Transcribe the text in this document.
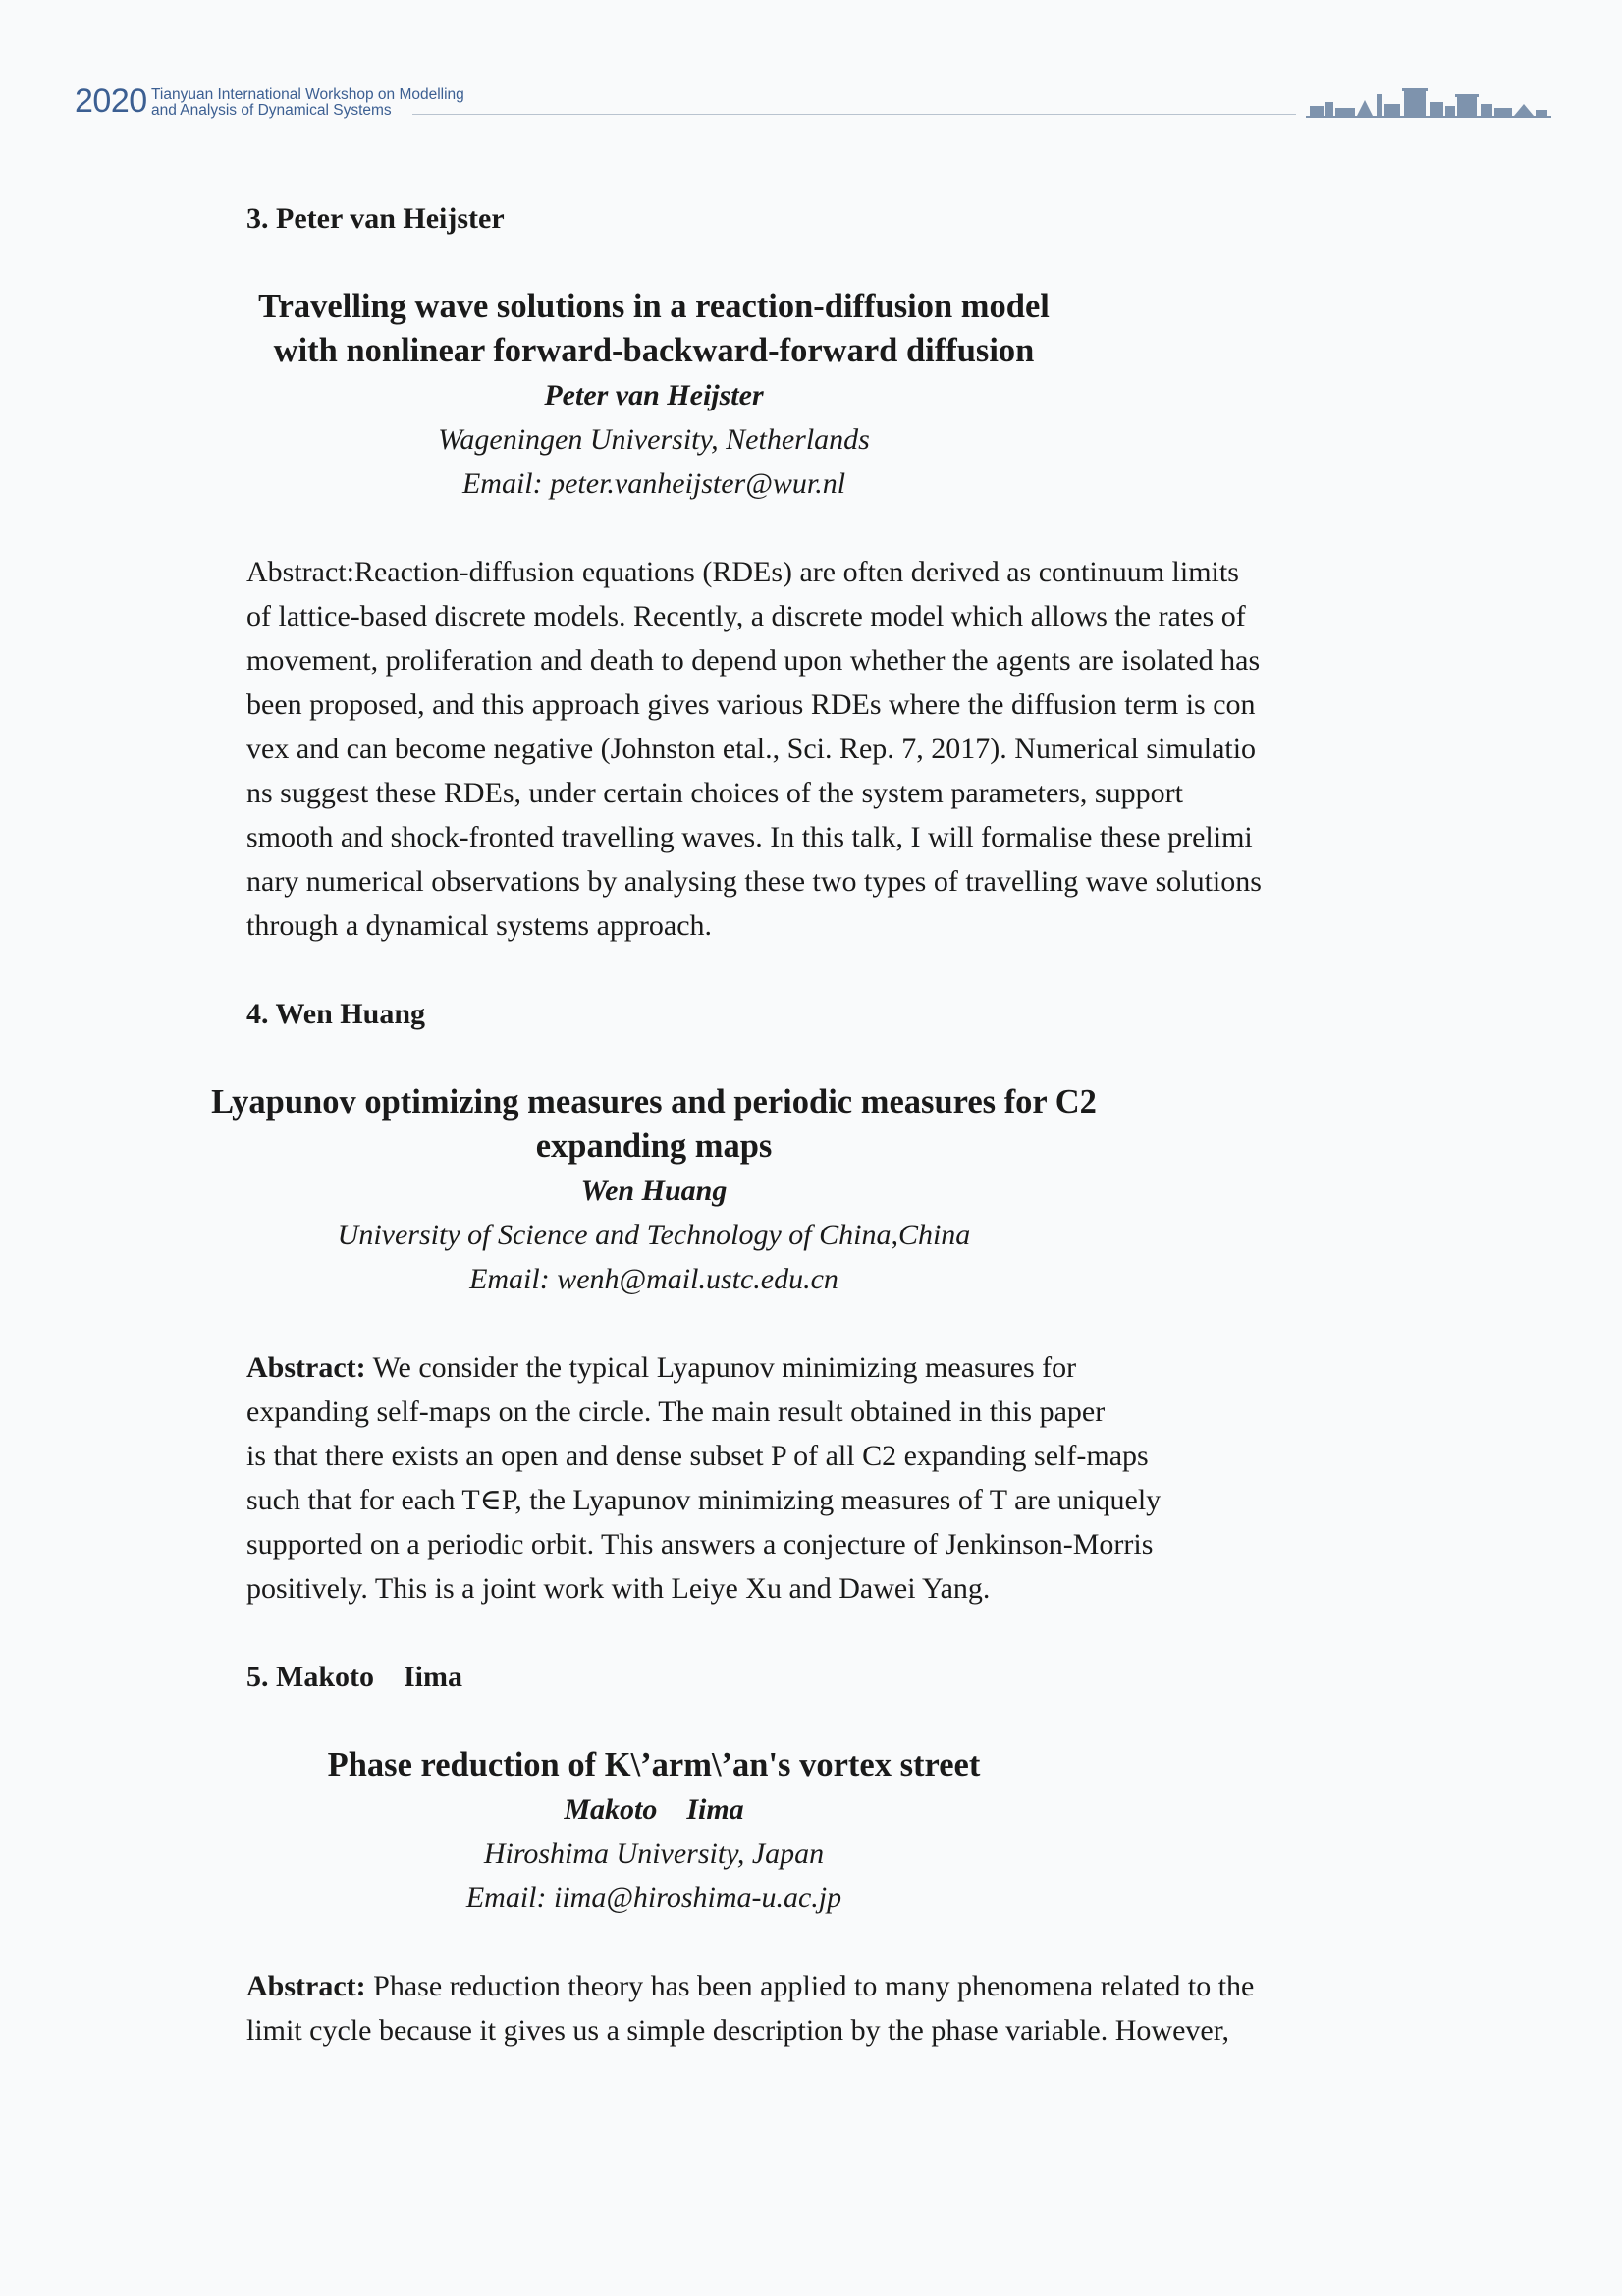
2020 Tianyuan International Workshop on Modelling
and Analysis of Dynamical Systems
3. Peter van Heijster
Travelling wave solutions in a reaction-diffusion model
with nonlinear forward-backward-forward diffusion
Peter van Heijster
Wageningen University, Netherlands
Email: peter.vanheijster@wur.nl
Abstract:Reaction-diffusion equations (RDEs) are often derived as continuum limits
of lattice-based discrete models. Recently, a discrete model which allows the rates of
movement, proliferation and death to depend upon whether the agents are isolated has
been proposed, and this approach gives various RDEs where the diffusion term is con
vex and can become negative (Johnston etal., Sci. Rep. 7, 2017). Numerical simulatio
ns suggest these RDEs, under certain choices of the system parameters, support
smooth and shock-fronted travelling waves. In this talk, I will formalise these prelimi
nary numerical observations by analysing these two types of travelling wave solutions
through a dynamical systems approach.
4. Wen Huang
Lyapunov optimizing measures and periodic measures for C2
expanding maps
Wen Huang
University of Science and Technology of China,China
Email: wenh@mail.ustc.edu.cn
Abstract: We consider the typical Lyapunov minimizing measures for
expanding self-maps on the circle. The main result obtained in this paper
is that there exists an open and dense subset P of all C2 expanding self-maps
such that for each T∈P, the Lyapunov minimizing measures of T are uniquely
supported on a periodic orbit. This answers a conjecture of Jenkinson-Morris
positively. This is a joint work with Leiye Xu and Dawei Yang.
5. Makoto　Iima
Phase reduction of K\’arm\’an's vortex street
Makoto　Iima
Hiroshima University, Japan
Email: iima@hiroshima-u.ac.jp
Abstract: Phase reduction theory has been applied to many phenomena related to the
limit cycle because it gives us a simple description by the phase variable. However,
